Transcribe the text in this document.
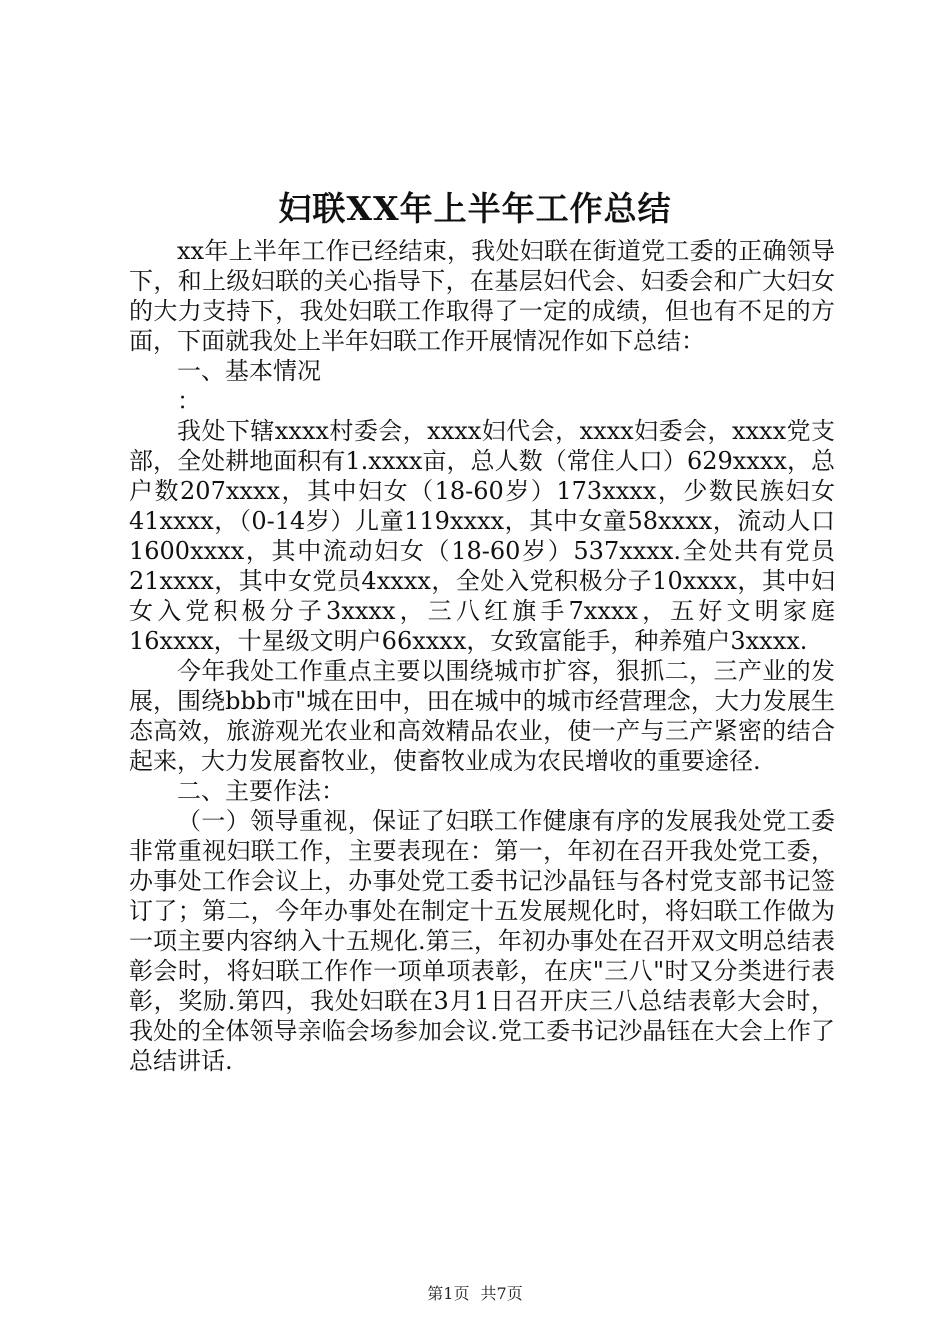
妇联XX年上半年工作总结

xx年上半年工作已经结束，我处妇联在街道党工委的正确领导下，和上级妇联的关心指导下，在基层妇代会、妇委会和广大妇女的大力支持下，我处妇联工作取得了一定的成绩，但也有不足的方面，下面就我处上半年妇联工作开展情况作如下总结：

一、基本情况

：

我处下辖xxxx村委会，xxxx妇代会，xxxx妇委会，xxxx党支部，全处耕地面积有1.xxxx亩，总人数（常住人口）629xxxx，总户数207xxxx，其中妇女（18-60岁）173xxxx，少数民族妇女41xxxx，（0-14岁）儿童119xxxx，其中女童58xxxx，流动人口1600xxxx，其中流动妇女（18-60岁）537xxxx.全处共有党员21xxxx，其中女党员4xxxx，全处入党积极分子10xxxx，其中妇女入党积极分子3xxxx，三八红旗手7xxxx，五好文明家庭16xxxx，十星级文明户66xxxx，女致富能手，种养殖户3xxxx.

今年我处工作重点主要以围绕城市扩容，狠抓二，三产业的发展，围绕bbb市"城在田中，田在城中的城市经营理念，大力发展生态高效，旅游观光农业和高效精品农业，使一产与三产紧密的结合起来，大力发展畜牧业，使畜牧业成为农民增收的重要途径.

二、主要作法：

（一）领导重视，保证了妇联工作健康有序的发展我处党工委非常重视妇联工作，主要表现在：第一，年初在召开我处党工委，办事处工作会议上，办事处党工委书记沙晶钰与各村党支部书记签订了；第二，今年办事处在制定十五发展规化时，将妇联工作做为一项主要内容纳入十五规化.第三，年初办事处在召开双文明总结表彰会时，将妇联工作作一项单项表彰，在庆"三八"时又分类进行表彰，奖励.第四，我处妇联在3月1日召开庆三八总结表彰大会时，我处的全体领导亲临会场参加会议.党工委书记沙晶钰在大会上作了总结讲话.

第1页 共7页
